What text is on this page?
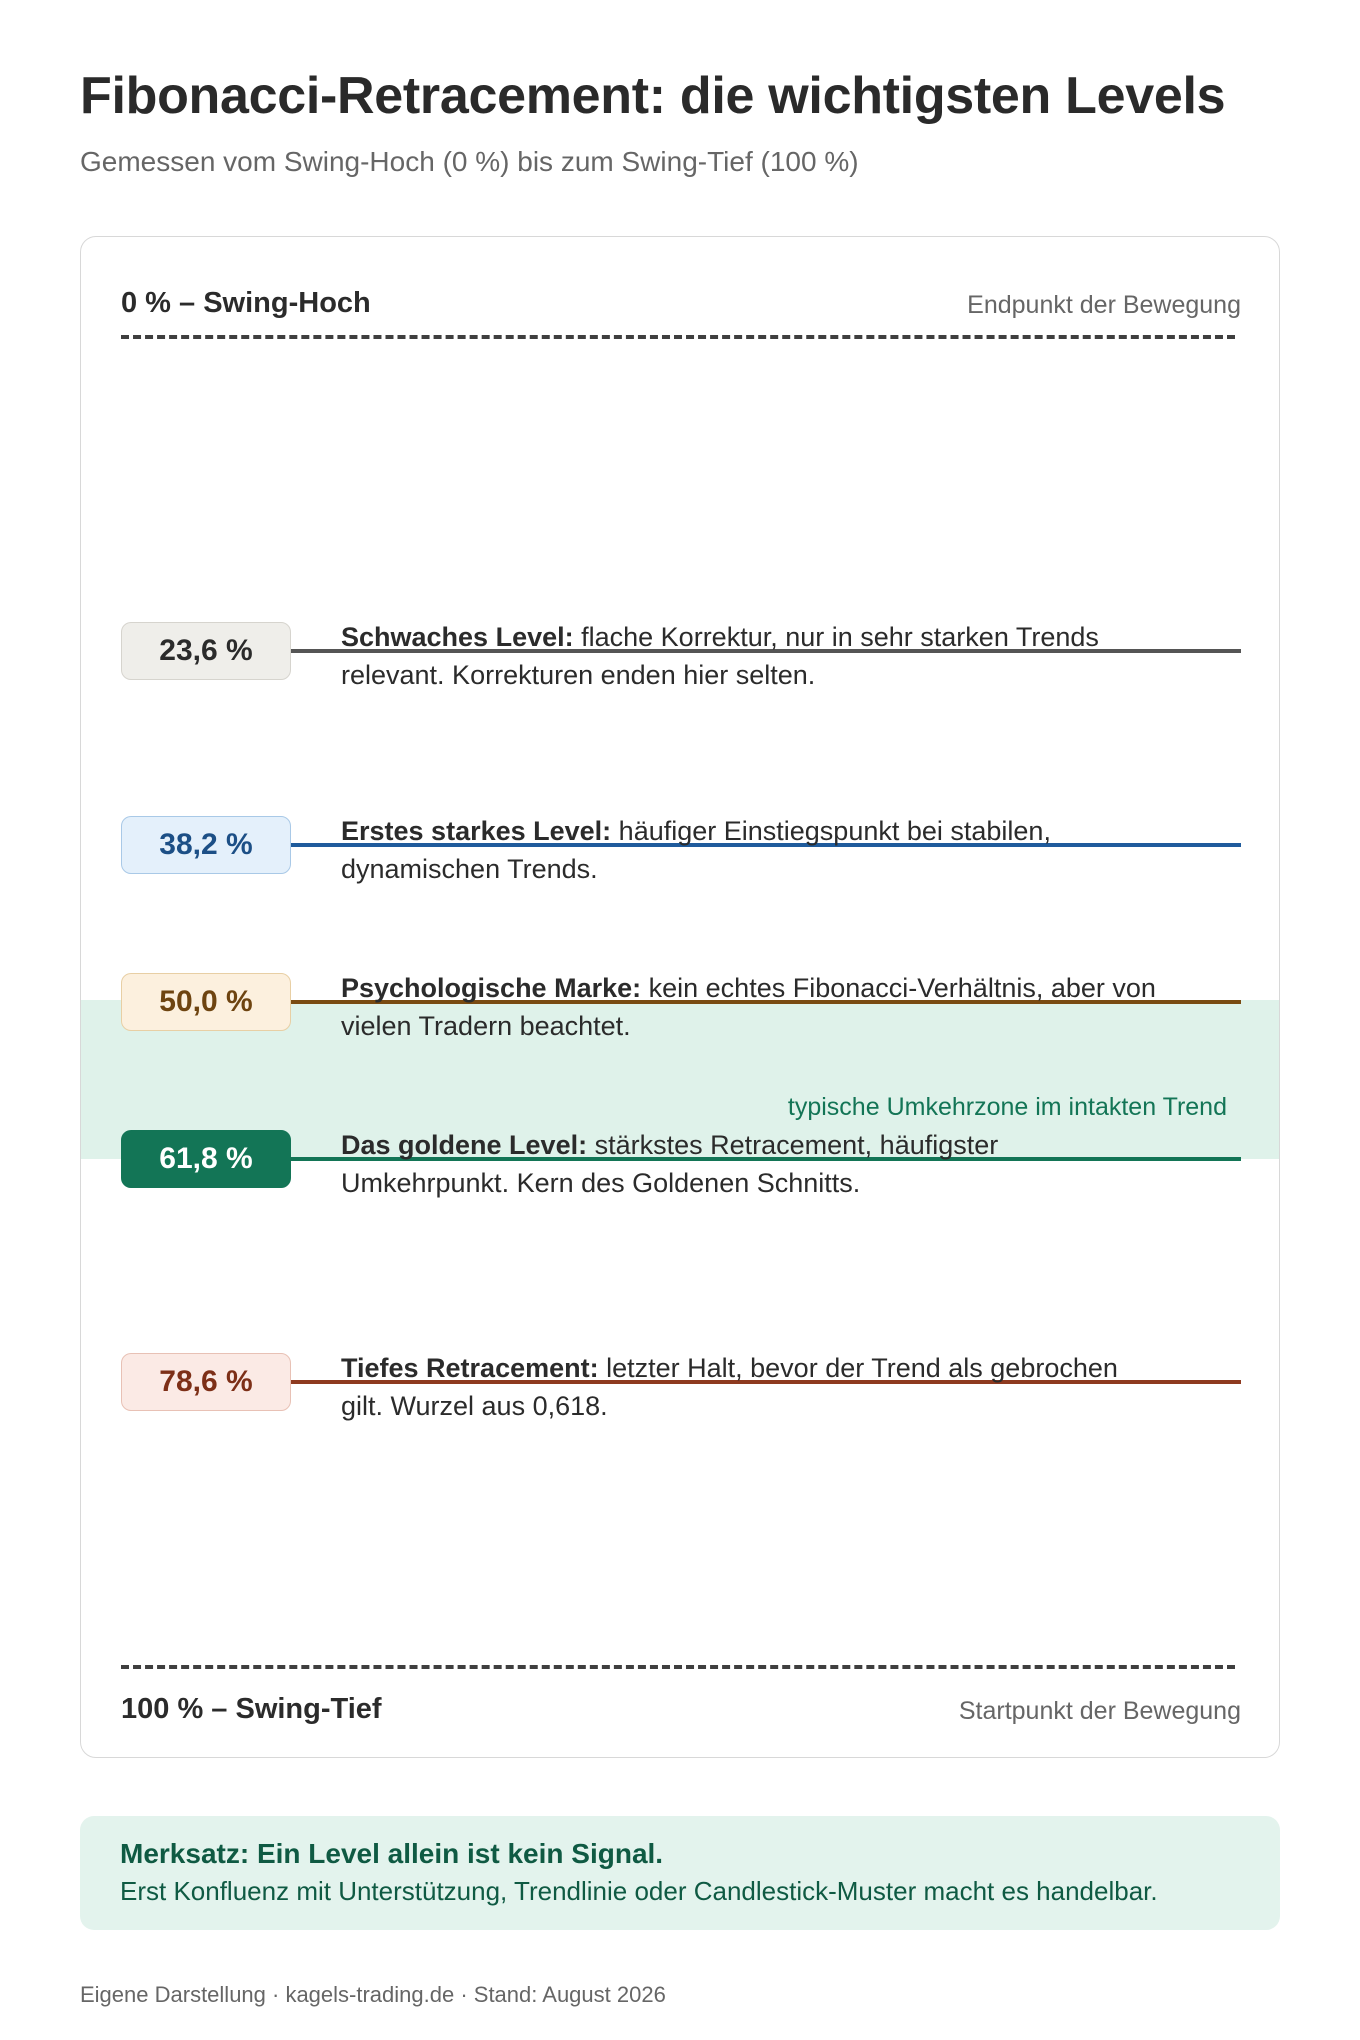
Fibonacci-Retracement: die wichtigsten Levels
Gemessen vom Swing-Hoch (0 %) bis zum Swing-Tief (100 %)
typische Umkehrzone im intakten Trend
0 % – Swing-Hoch	Endpunkt der Bewegung
23,6 %	Schwaches Level: flache Korrektur, nur in sehr starken Trends relevant. Korrekturen enden hier selten.
38,2 %	Erstes starkes Level: häufiger Einstiegspunkt bei stabilen, dynamischen Trends.
50,0 %	Psychologische Marke: kein echtes Fibonacci-Verhältnis, aber von vielen Tradern beachtet.
61,8 %	Das goldene Level: stärkstes Retracement, häufigster Umkehrpunkt. Kern des Goldenen Schnitts.
78,6 %	Tiefes Retracement: letzter Halt, bevor der Trend als gebrochen gilt. Wurzel aus 0,618.
100 % – Swing-Tief	Startpunkt der Bewegung
Merksatz: Ein Level allein ist kein Signal.
Erst Konfluenz mit Unterstützung, Trendlinie oder Candlestick-Muster macht es handelbar.
Eigene Darstellung · kagels-trading.de · Stand: August 2026
